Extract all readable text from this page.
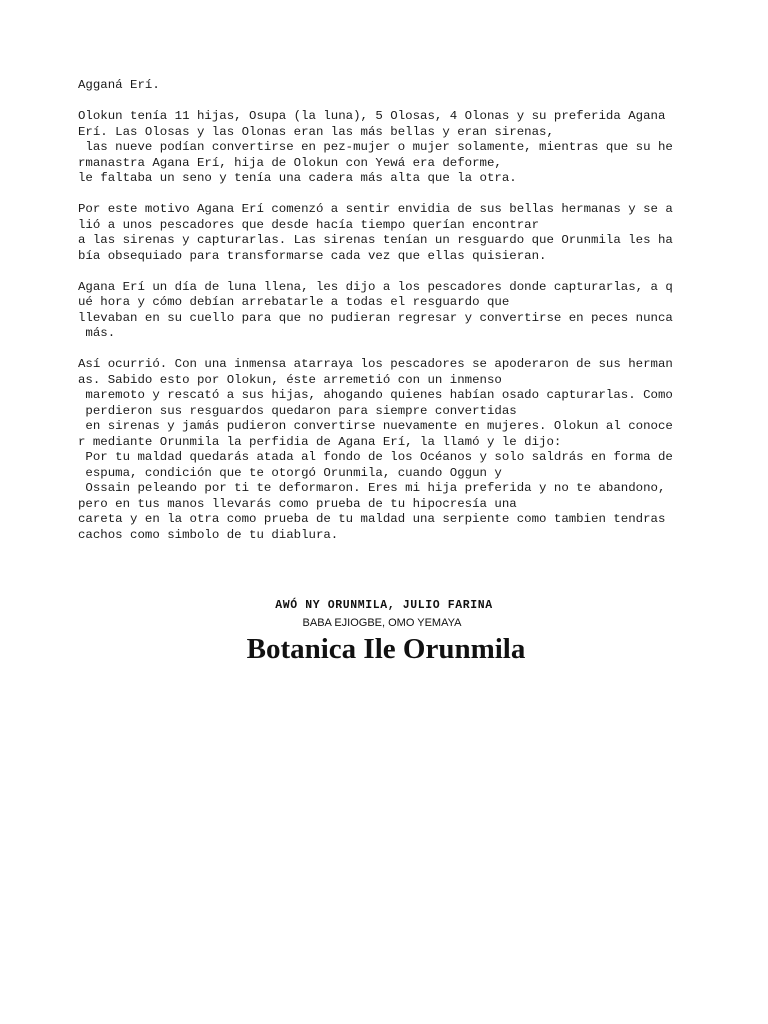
Agganá Erí.
Olokun tenía 11 hijas, Osupa (la luna), 5 Olosas, 4 Olonas y su preferida Agana
Erí. Las Olosas y las Olonas eran las más bellas y eran sirenas,
las nueve podían convertirse en pez-mujer o mujer solamente, mientras que su he
rmanastra Agana Erí, hija de Olokun con Yewá era deforme,
le faltaba un seno y tenía una cadera más alta que la otra.
Por este motivo Agana Erí comenzó a sentir envidia de sus bellas hermanas y se a
lió a unos pescadores que desde hacía tiempo querían encontrar
a las sirenas y capturarlas. Las sirenas tenían un resguardo que Orunmila les ha
bía obsequiado para transformarse cada vez que ellas quisieran.
Agana Erí un día de luna llena, les dijo a los pescadores donde capturarlas, a q
ué hora y cómo debían arrebatarle a todas el resguardo que
llevaban en su cuello para que no pudieran regresar y convertirse en peces nunca
más.
Así ocurrió. Con una inmensa atarraya los pescadores se apoderaron de sus herman
as. Sabido esto por Olokun, éste arremetió con un inmenso
maremoto y rescató a sus hijas, ahogando quienes habían osado capturarlas. Como
perdieron sus resguardos quedaron para siempre convertidas
en sirenas y jamás pudieron convertirse nuevamente en mujeres. Olokun al conoce
r mediante Orunmila la perfidia de Agana Erí, la llamó y le dijo:
Por tu maldad quedarás atada al fondo de los Océanos y solo saldrás en forma de
espuma, condición que te otorgó Orunmila, cuando Oggun y
Ossain peleando por ti te deformaron. Eres mi hija preferida y no te abandono,
pero en tus manos llevarás como prueba de tu hipocresía una
careta y en la otra como prueba de tu maldad una serpiente como tambien tendras
cachos como simbolo de tu diablura.
AWÓ NY ORUNMILA, JULIO FARINA
BABA EJIOGBE, OMO YEMAYA
Botanica Ile Orunmila
